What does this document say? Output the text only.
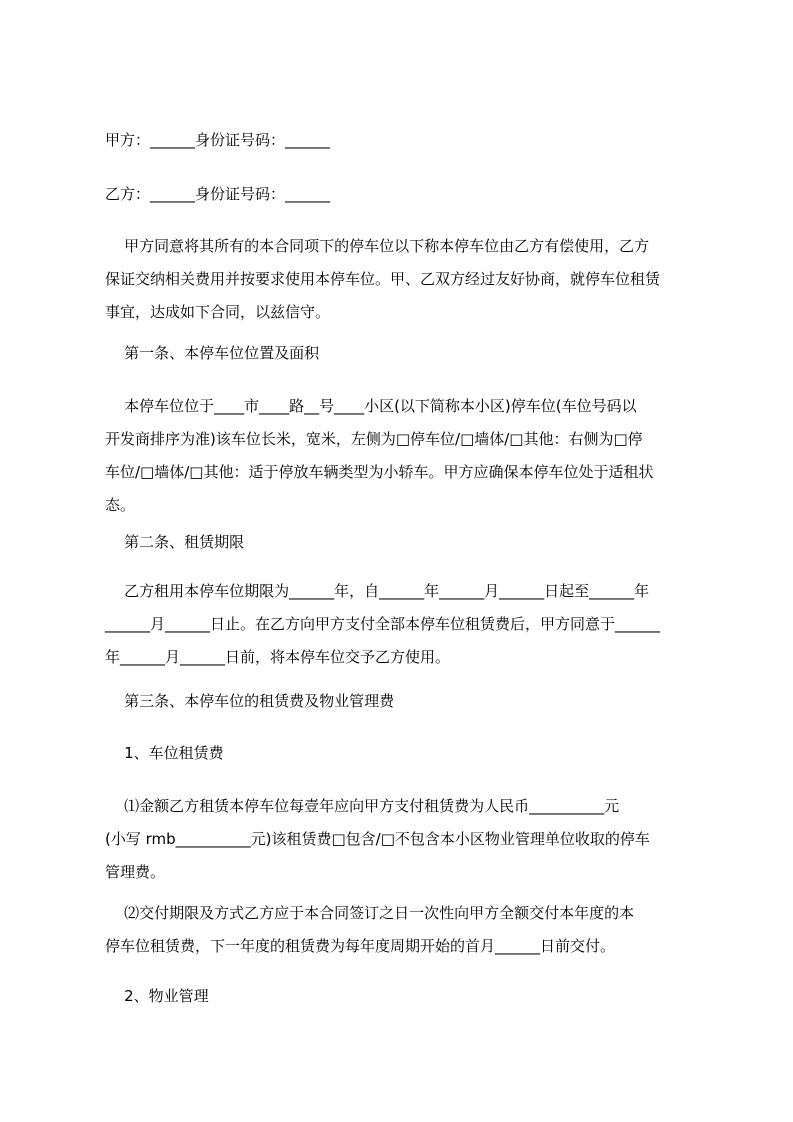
甲方：______身份证号码：______
乙方：______身份证号码：______
甲方同意将其所有的本合同项下的停车位以下称本停车位由乙方有偿使用，乙方
保证交纳相关费用并按要求使用本停车位。甲、乙双方经过友好协商，就停车位租赁
事宜，达成如下合同，以兹信守。
第一条、本停车位位置及面积
本停车位位于____市____路__号____小区(以下简称本小区)停车位(车位号码以
开发商排序为准)该车位长米，宽米，左侧为□停车位/□墙体/□其他：右侧为□停
车位/□墙体/□其他：适于停放车辆类型为小轿车。甲方应确保本停车位处于适租状
态。
第二条、租赁期限
乙方租用本停车位期限为______年，自______年______月______日起至______年
______月______日止。在乙方向甲方支付全部本停车位租赁费后，甲方同意于______
年______月______日前，将本停车位交予乙方使用。
第三条、本停车位的租赁费及物业管理费
1、车位租赁费
⑴金额乙方租赁本停车位每壹年应向甲方支付租赁费为人民币__________元
(小写 rmb__________元)该租赁费□包含/□不包含本小区物业管理单位收取的停车
管理费。
⑵交付期限及方式乙方应于本合同签订之日一次性向甲方全额交付本年度的本
停车位租赁费，下一年度的租赁费为每年度周期开始的首月______日前交付。
2、物业管理
